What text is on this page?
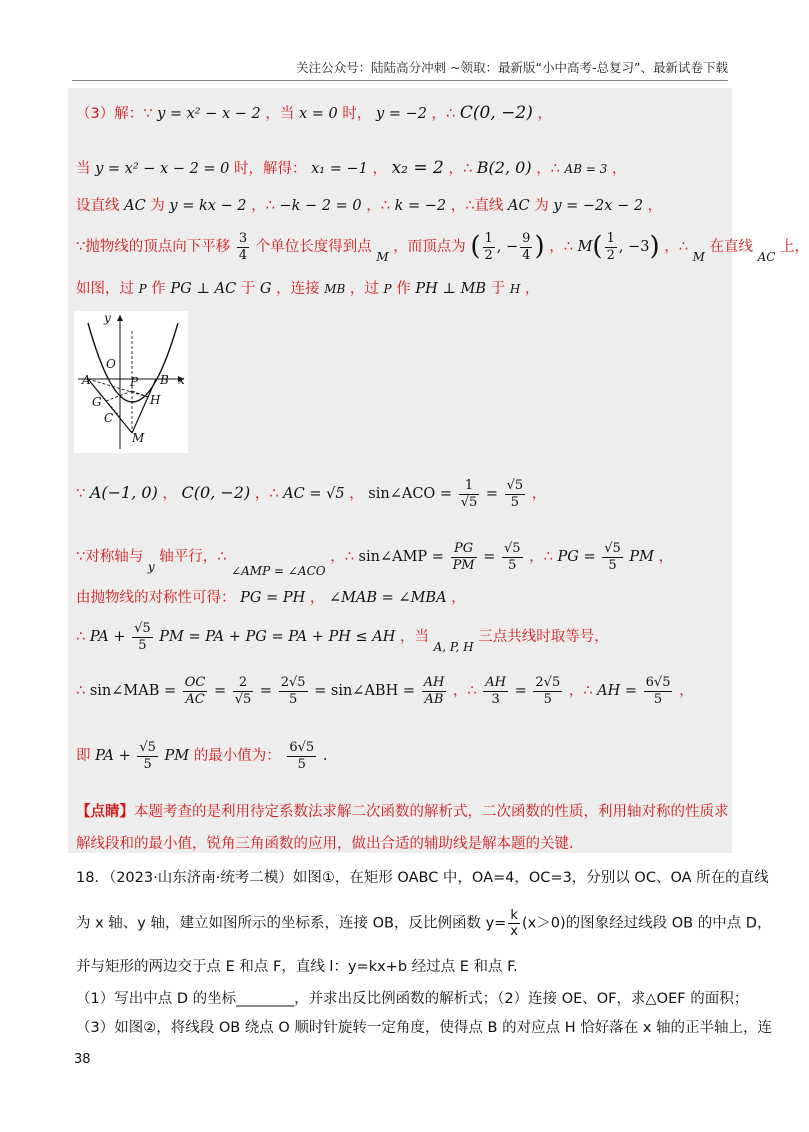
关注公众号：陆陆高分冲刺 ~领取：最新版“小中高考-总复习”、最新试卷下载
（3）解：∵ y = x² − x − 2 ，当 x = 0 时， y = −2 ，∴ C(0, −2) ，
当 y = x² − x − 2 = 0 时，解得： x₁ = −1 ， x₂ = 2 ，∴ B(2, 0) ，∴ AB = 3 ，
设直线 AC 为 y = kx − 2 ，∴ −k − 2 = 0 ，∴ k = −2 ，∴直线 AC 为 y = −2x − 2 ，
∵抛物线的顶点向下平移 $\frac{3}{4}$ 个单位长度得到点 $_M$ ，而顶点为 ( $\frac{1}{2}$ , − $\frac{9}{4}$ ) ，∴ $M( \frac{1}{2}$ , −3) ，∴ $_M$ 在直线 $_{AC}$ 上，
如图，过 P 作 PG ⊥ AC 于 G ，连接 MB ，过 P 作 PH ⊥ MB 于 H ，
y
O
A	P B x
G	H
C
M
∵ A(−1, 0) ， C(0, −2) ，∴ AC = √5 ， sin∠ACO = $\frac{1}{√5} = \frac{√5}{5}$ ，
∵对称轴与 $_y$ 轴平行，∴ $_{\angle AMP = \angle ACO}$ ，∴ sin∠AMP = $\frac{PG}{PM} = \frac{√5}{5}$ ，∴ PG = $\frac{√5}{5}$ PM ，
由抛物线的对称性可得： PG = PH ， ∠MAB = ∠MBA ，
∴ PA + $\frac{√5}{5}$ PM = PA + PG = PA + PH ≤ AH ，当 $_{A, P, H}$ 三点共线时取等号，
∴ sin∠MAB = $\frac{OC}{AC} = \frac{2}{√5} = \frac{2√5}{5}$ = sin∠ABH = $\frac{AH}{AB}$ ，∴ $\frac{AH}{3} = \frac{2√5}{5}$ ，∴ AH = $\frac{6√5}{5}$ ，
即 PA + $\frac{√5}{5}$ PM 的最小值为： $\frac{6√5}{5}$ .
【点睛】本题考查的是利用待定系数法求解二次函数的解析式，二次函数的性质，利用轴对称的性质求解线段和的最小值，锐角三角函数的应用，做出合适的辅助线是解本题的关键.
18．（2023·山东济南·统考二模）如图①，在矩形 OABC 中，OA=4，OC=3，分别以 OC、OA 所在的直线
为 x 轴、y 轴，建立如图所示的坐标系，连接 OB，反比例函数 $y= \frac{k}{x} (x>0)$的图象经过线段 OB 的中点 D，
并与矩形的两边交于点 E 和点 F，直线 l：y=kx+b 经过点 E 和点 F.
（1）写出中点 D 的坐标________，并求出反比例函数的解析式；（2）连接 OE、OF，求△OEF 的面积；
（3）如图②，将线段 OB 绕点 O 顺时针旋转一定角度，使得点 B 的对应点 H 恰好落在 x 轴的正半轴上，连
38
